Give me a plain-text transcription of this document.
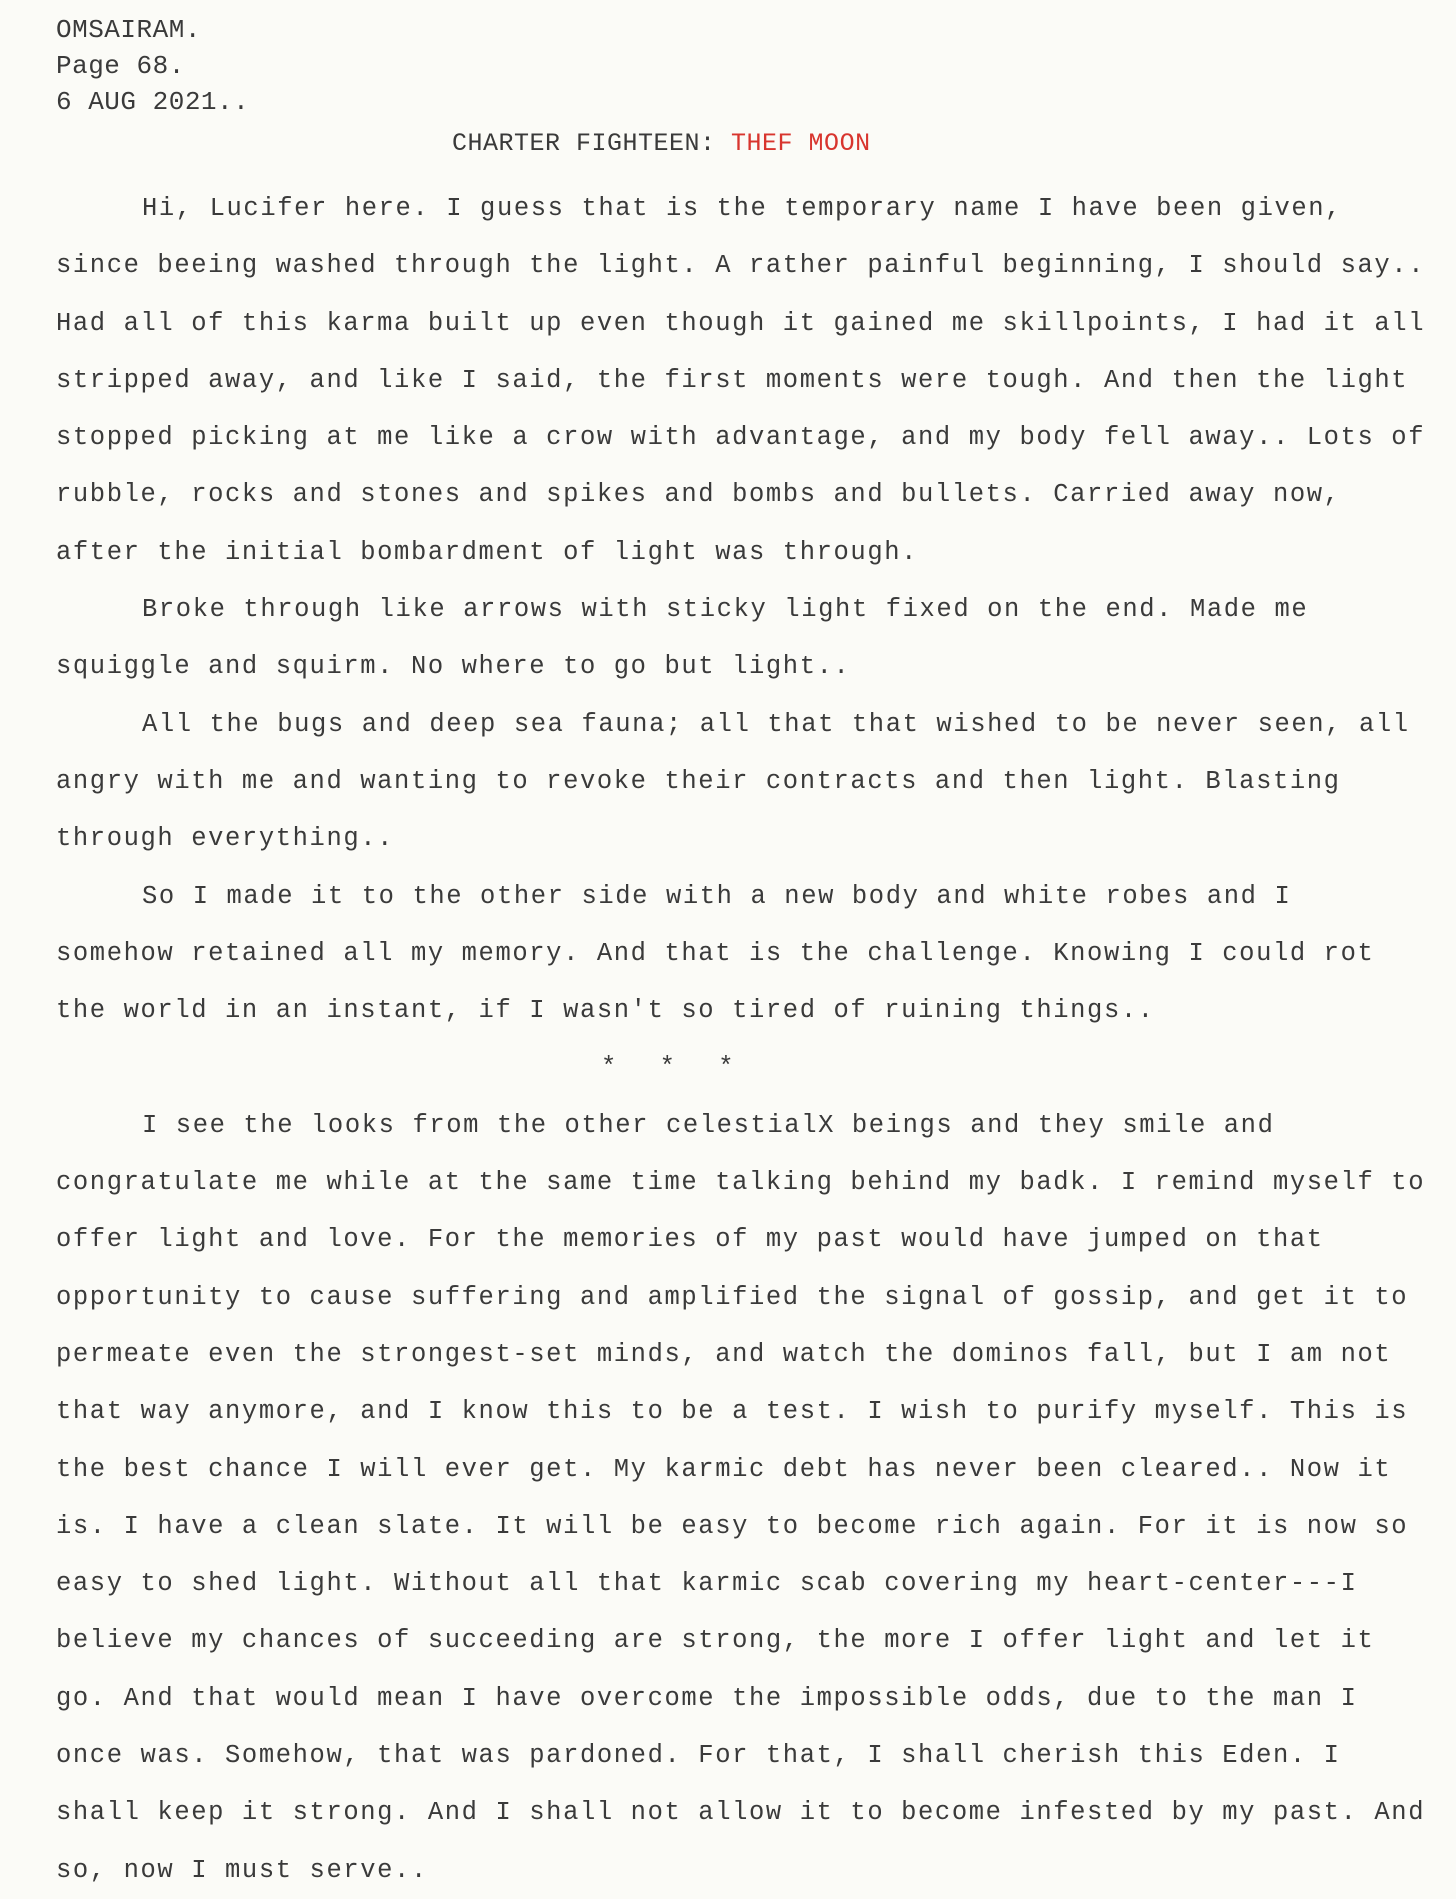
OMSAIRAM.
Page 68.
6 AUG 2021..
CHARTER FIGHTEEN: THEF MOON

Hi, Lucifer here. I guess that is the temporary name I have been given, since beeing washed through the light. A rather painful beginning, I should say.. Had all of this karma built up even though it gained me skillpoints, I had it all stripped away, and like I said, the first moments were tough. And then the light stopped picking at me like a crow with advantage, and my body fell away.. Lots of rubble, rocks and stones and spikes and bombs and bullets. Carried away now, after the initial bombardment of light was through.

Broke through like arrows with sticky light fixed on the end. Made me squiggle and squirm. No where to go but light..

All the bugs and deep sea fauna; all that that wished to be never seen, all angry with me and wanting to revoke their contracts and then light. Blasting through everything..

So I made it to the other side with a new body and white robes and I somehow retained all my memory. And that is the challenge. Knowing I could rot the world in an instant, if I wasn't so tired of ruining things..

* * *

I see the looks from the other celestialX beings and they smile and congratulate me while at the same time talking behind my badk. I remind myself to offer light and love. For the memories of my past would have jumped on that opportunity to cause suffering and amplified the signal of gossip, and get it to permeate even the strongest-set minds, and watch the dominos fall, but I am not that way anymore, and I know this to be a test. I wish to purify myself. This is the best chance I will ever get. My karmic debt has never been cleared.. Now it is. I have a clean slate. It will be easy to become rich again. For it is now so easy to shed light. Without all that karmic scab covering my heart-center---I believe my chances of succeeding are strong, the more I offer light and let it go. And that would mean I have overcome the impossible odds, due to the man I once was. Somehow, that was pardoned. For that, I shall cherish this Eden. I shall keep it strong. And I shall not allow it to become infested by my past. And so, now I must serve..
